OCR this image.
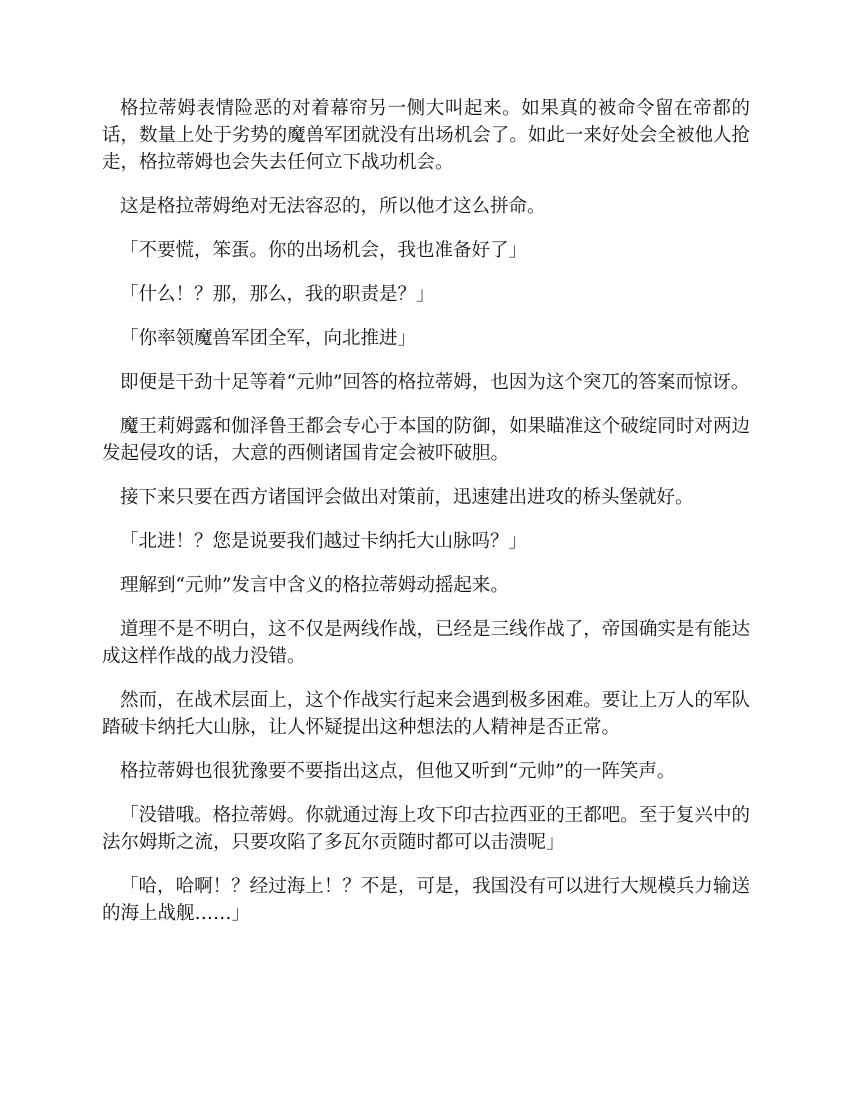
格拉蒂姆表情险恶的对着幕帘另一侧大叫起来。如果真的被命令留在帝都的话，数量上处于劣势的魔兽军团就没有出场机会了。如此一来好处会全被他人抢走，格拉蒂姆也会失去任何立下战功机会。

这是格拉蒂姆绝对无法容忍的，所以他才这么拼命。

「不要慌，笨蛋。你的出场机会，我也准备好了」

「什么！？那，那么，我的职责是？」

「你率领魔兽军团全军，向北推进」

即便是干劲十足等着“元帅”回答的格拉蒂姆，也因为这个突兀的答案而惊讶。

魔王莉姆露和伽泽鲁王都会专心于本国的防御，如果瞄准这个破绽同时对两边发起侵攻的话，大意的西侧诸国肯定会被吓破胆。

接下来只要在西方诸国评会做出对策前，迅速建出进攻的桥头堡就好。

「北进！？您是说要我们越过卡纳托大山脉吗？」

理解到“元帅”发言中含义的格拉蒂姆动摇起来。

道理不是不明白，这不仅是两线作战，已经是三线作战了，帝国确实是有能达成这样作战的战力没错。

然而，在战术层面上，这个作战实行起来会遇到极多困难。要让上万人的军队踏破卡纳托大山脉，让人怀疑提出这种想法的人精神是否正常。

格拉蒂姆也很犹豫要不要指出这点，但他又听到“元帅”的一阵笑声。

「没错哦。格拉蒂姆。你就通过海上攻下印古拉西亚的王都吧。至于复兴中的法尔姆斯之流，只要攻陷了多瓦尔贡随时都可以击溃呢」

「哈，哈啊！？经过海上！？不是，可是，我国没有可以进行大规模兵力输送的海上战舰……」
